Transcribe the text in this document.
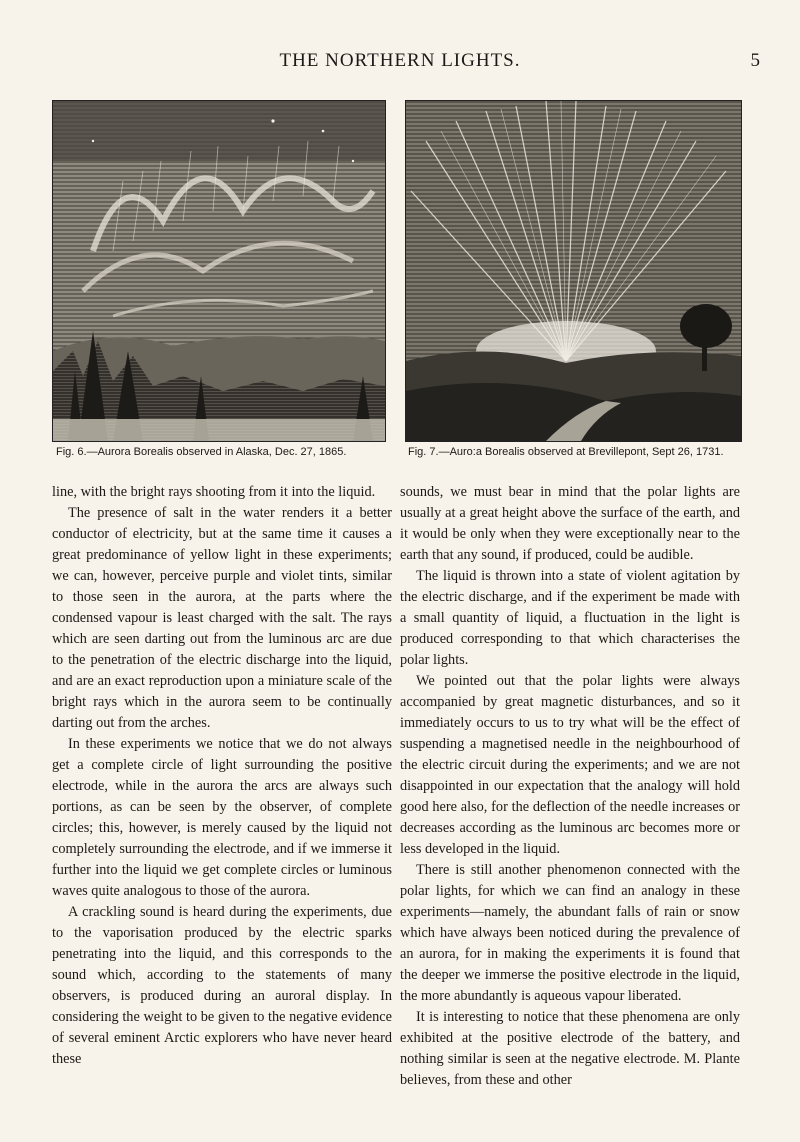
THE NORTHERN LIGHTS.	5
Fig. 6.—Aurora Borealis observed in Alaska, Dec. 27, 1865.	Fig. 7.—Auro:a Borealis observed at Brevillepont, Sept 26, 1731.

line, with the bright rays shooting from it into the liquid.

The presence of salt in the water renders it a better conductor of electricity, but at the same time it causes a great predominance of yellow light in these experiments; we can, however, perceive purple and violet tints, similar to those seen in the aurora, at the parts where the condensed vapour is least charged with the salt. The rays which are seen darting out from the luminous arc are due to the penetration of the electric discharge into the liquid, and are an exact reproduction upon a miniature scale of the bright rays which in the aurora seem to be continually darting out from the arches.

In these experiments we notice that we do not always get a complete circle of light surrounding the positive electrode, while in the aurora the arcs are always such portions, as can be seen by the observer, of complete circles; this, however, is merely caused by the liquid not completely surrounding the electrode, and if we immerse it further into the liquid we get complete circles or luminous waves quite analogous to those of the aurora.

A crackling sound is heard during the experiments, due to the vaporisation produced by the electric sparks penetrating into the liquid, and this corresponds to the sound which, according to the statements of many observers, is produced during an auroral display. In considering the weight to be given to the negative evidence of several eminent Arctic explorers who have never heard these

sounds, we must bear in mind that the polar lights are usually at a great height above the surface of the earth, and it would be only when they were exceptionally near to the earth that any sound, if produced, could be audible.

The liquid is thrown into a state of violent agitation by the electric discharge, and if the experiment be made with a small quantity of liquid, a fluctuation in the light is produced corresponding to that which characterises the polar lights.

We pointed out that the polar lights were always accompanied by great magnetic disturbances, and so it immediately occurs to us to try what will be the effect of suspending a magnetised needle in the neighbourhood of the electric circuit during the experiments; and we are not disappointed in our expectation that the analogy will hold good here also, for the deflection of the needle increases or decreases according as the luminous arc becomes more or less developed in the liquid.

There is still another phenomenon connected with the polar lights, for which we can find an analogy in these experiments—namely, the abundant falls of rain or snow which have always been noticed during the prevalence of an aurora, for in making the experiments it is found that the deeper we immerse the positive electrode in the liquid, the more abundantly is aqueous vapour liberated.

It is interesting to notice that these phenomena are only exhibited at the positive electrode of the battery, and nothing similar is seen at the negative electrode. M. Plante believes, from these and other
